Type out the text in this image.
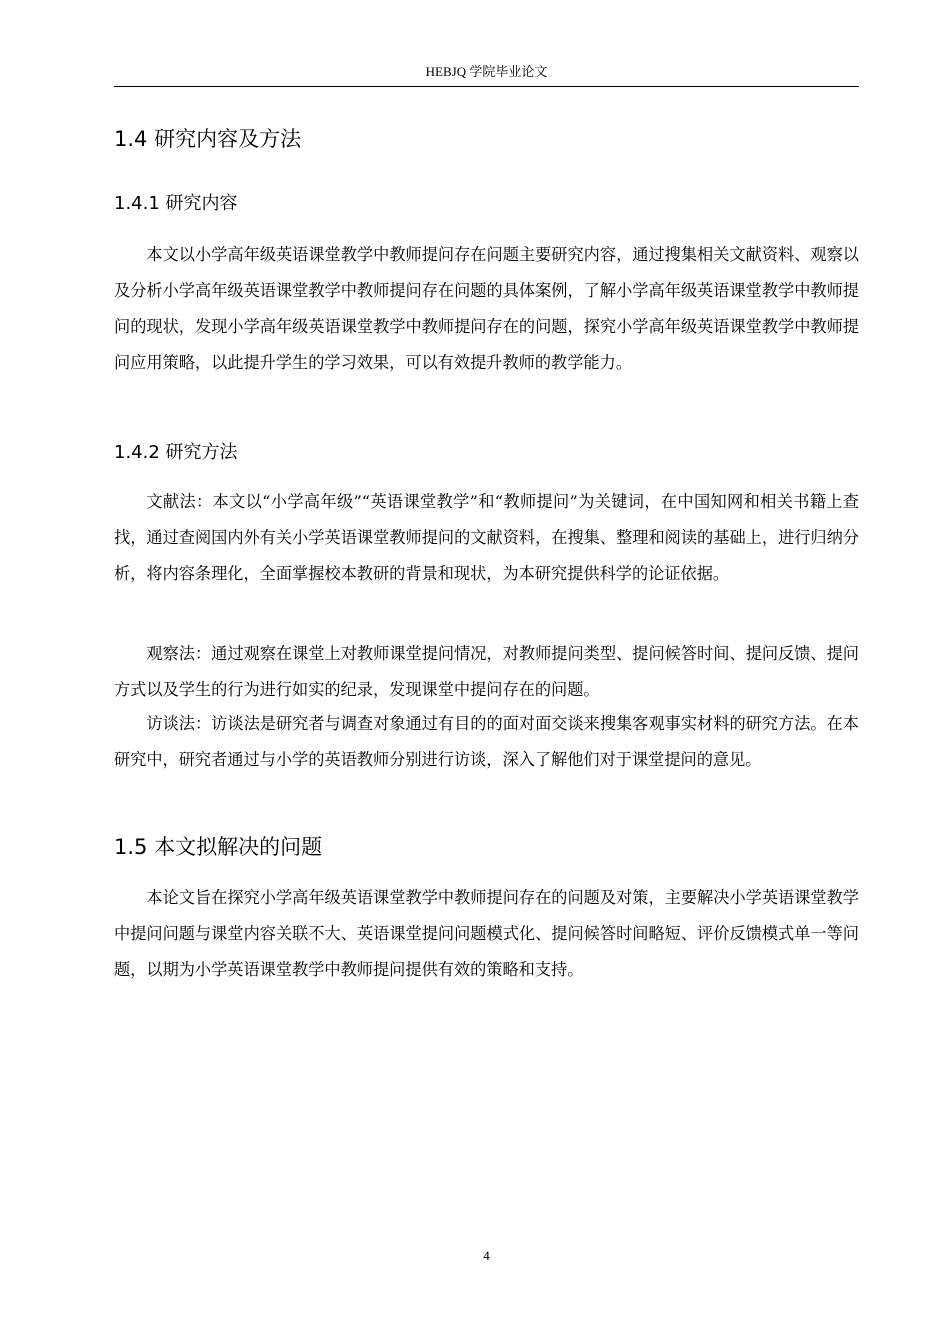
HEBJQ 学院毕业论文
1.4 研究内容及方法
1.4.1 研究内容

本文以小学高年级英语课堂教学中教师提问存在问题主要研究内容，通过搜集相关文献资料、观察以及分析小学高年级英语课堂教学中教师提问存在问题的具体案例，了解小学高年级英语课堂教学中教师提问的现状，发现小学高年级英语课堂教学中教师提问存在的问题，探究小学高年级英语课堂教学中教师提问应用策略，以此提升学生的学习效果，可以有效提升教师的教学能力。

1.4.2 研究方法

文献法：本文以“小学高年级”“英语课堂教学”和“教师提问”为关键词，在中国知网和相关书籍上查找，通过查阅国内外有关小学英语课堂教师提问的文献资料，在搜集、整理和阅读的基础上，进行归纳分析，将内容条理化，全面掌握校本教研的背景和现状，为本研究提供科学的论证依据。

观察法：通过观察在课堂上对教师课堂提问情况，对教师提问类型、提问候答时间、提问反馈、提问方式以及学生的行为进行如实的纪录，发现课堂中提问存在的问题。

访谈法：访谈法是研究者与调查对象通过有目的的面对面交谈来搜集客观事实材料的研究方法。在本研究中，研究者通过与小学的英语教师分别进行访谈，深入了解他们对于课堂提问的意见。

1.5 本文拟解决的问题

本论文旨在探究小学高年级英语课堂教学中教师提问存在的问题及对策，主要解决小学英语课堂教学中提问问题与课堂内容关联不大、英语课堂提问问题模式化、提问候答时间略短、评价反馈模式单一等问题，以期为小学英语课堂教学中教师提问提供有效的策略和支持。

4
